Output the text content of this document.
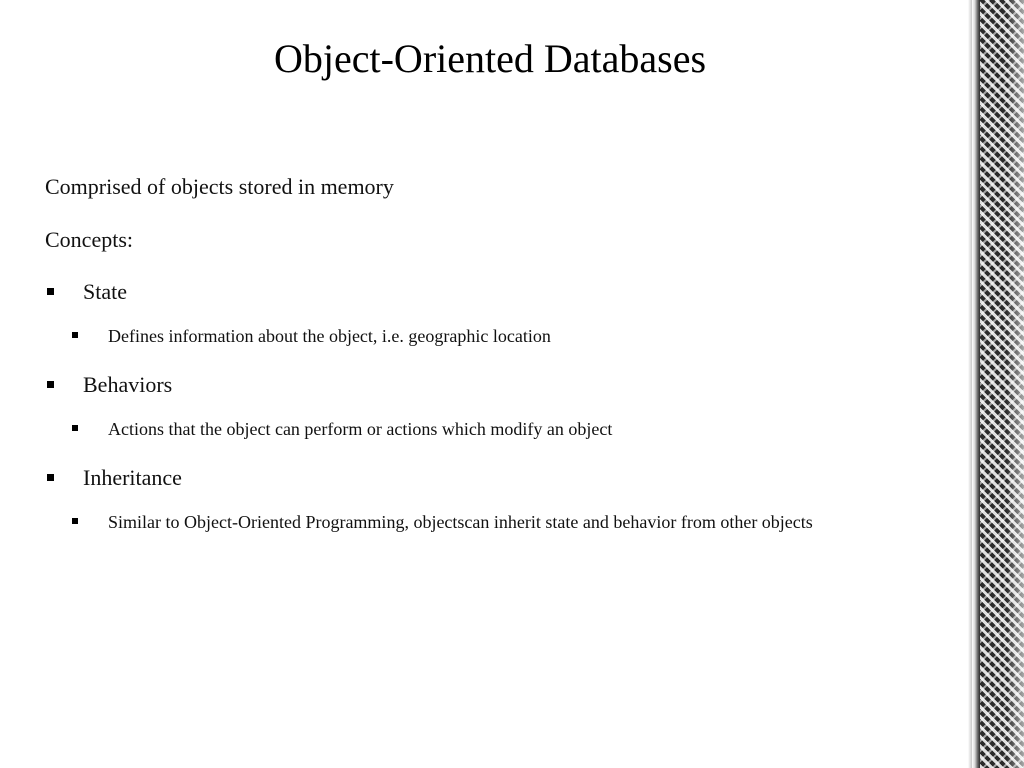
Object-Oriented Databases
Comprised of objects stored in memory
Concepts:
State
Defines information about the object, i.e. geographic location
Behaviors
Actions that the object can perform or actions which modify an object
Inheritance
Similar to Object-Oriented Programming, objectscan inherit state and behavior from other objects
